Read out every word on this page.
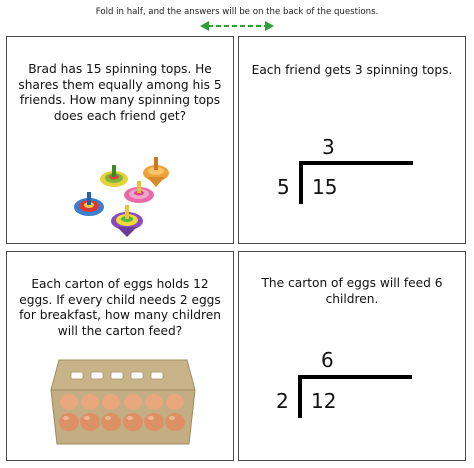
Fold in half, and the answers will be on the back of the questions.
Brad has 15 spinning tops. He shares them equally among his 5 friends. How many spinning tops does each friend get?
Each friend gets 3 spinning tops.
3
5 15
Each carton of eggs holds 12 eggs. If every child needs 2 eggs for breakfast, how many children will the carton feed?
The carton of eggs will feed 6 children.
6
2 12
